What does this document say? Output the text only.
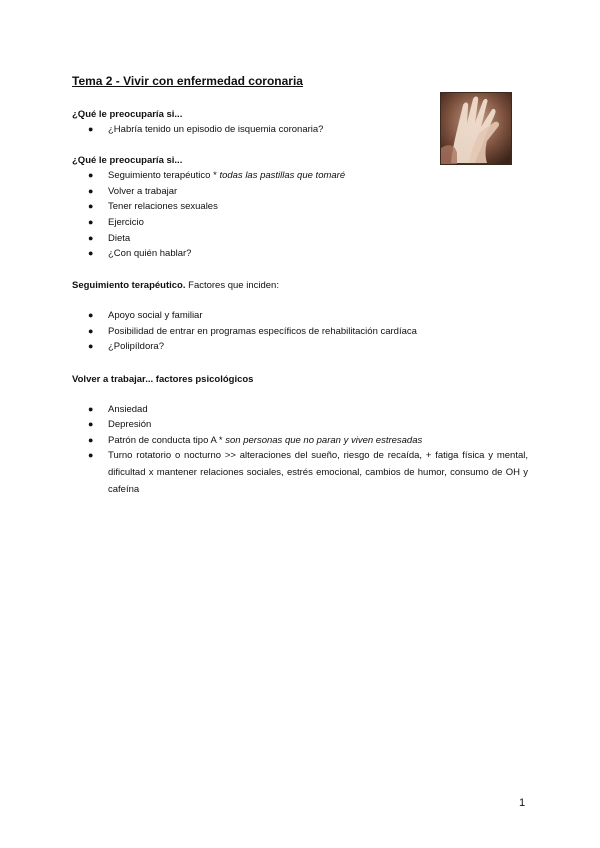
Tema 2 - Vivir con enfermedad coronaria
¿Qué le preocuparía si...
● ¿Habría tenido un episodio de isquemia coronaria?
¿Qué le preocuparía si...
● Seguimiento terapéutico * todas las pastillas que tomaré
● Volver a trabajar
● Tener relaciones sexuales
● Ejercicio
● Dieta
● ¿Con quién hablar?
Seguimiento terapéutico. Factores que inciden:
● Apoyo social y familiar
● Posibilidad de entrar en programas específicos de rehabilitación cardíaca
● ¿Polipíldora?
Volver a trabajar... factores psicológicos
● Ansiedad
● Depresión
● Patrón de conducta tipo A * son personas que no paran y viven estresadas
● Turno rotatorio o nocturno >> alteraciones del sueño, riesgo de recaída, + fatiga física y mental, dificultad x mantener relaciones sociales, estrés emocional, cambios de humor, consumo de OH y cafeína
1
